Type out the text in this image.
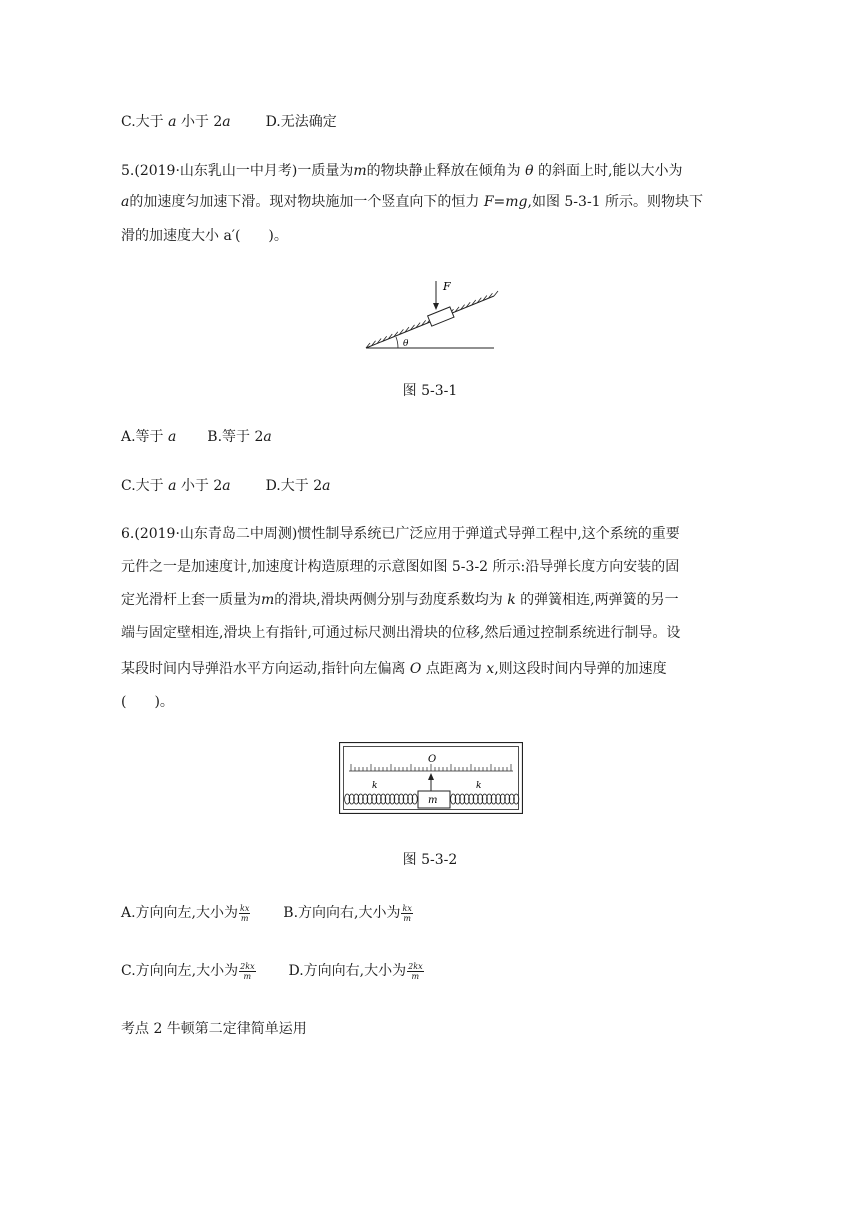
C.大于 a 小于 2a D.无法确定
5.(2019·山东乳山一中月考)一质量为m的物块静止释放在倾角为 θ 的斜面上时,能以大小为
a的加速度匀加速下滑。现对物块施加一个竖直向下的恒力 F=mg,如图 5-3-1 所示。则物块下
滑的加速度大小 a′(　　)。
F
θ
图 5-3-1
A.等于 a B.等于 2a
C.大于 a 小于 2a D.大于 2a
6.(2019·山东青岛二中周测)惯性制导系统已广泛应用于弹道式导弹工程中,这个系统的重要
元件之一是加速度计,加速度计构造原理的示意图如图 5-3-2 所示:沿导弹长度方向安装的固
定光滑杆上套一质量为m的滑块,滑块两侧分别与劲度系数均为 k 的弹簧相连,两弹簧的另一
端与固定壁相连,滑块上有指针,可通过标尺测出滑块的位移,然后通过控制系统进行制导。设
某段时间内导弹沿水平方向运动,指针向左偏离 O 点距离为 x,则这段时间内导弹的加速度
(　　)。
O
m
k	k
图 5-3-2
A.方向向左,大小为 $\frac{kx}{m} B$.方向向右,大小为 $\frac{kx}{m}$
C.方向向左,大小为 $\frac{2kx}{m} D$.方向向右,大小为 $\frac{2kx}{m}$
考点 2 牛顿第二定律简单运用
